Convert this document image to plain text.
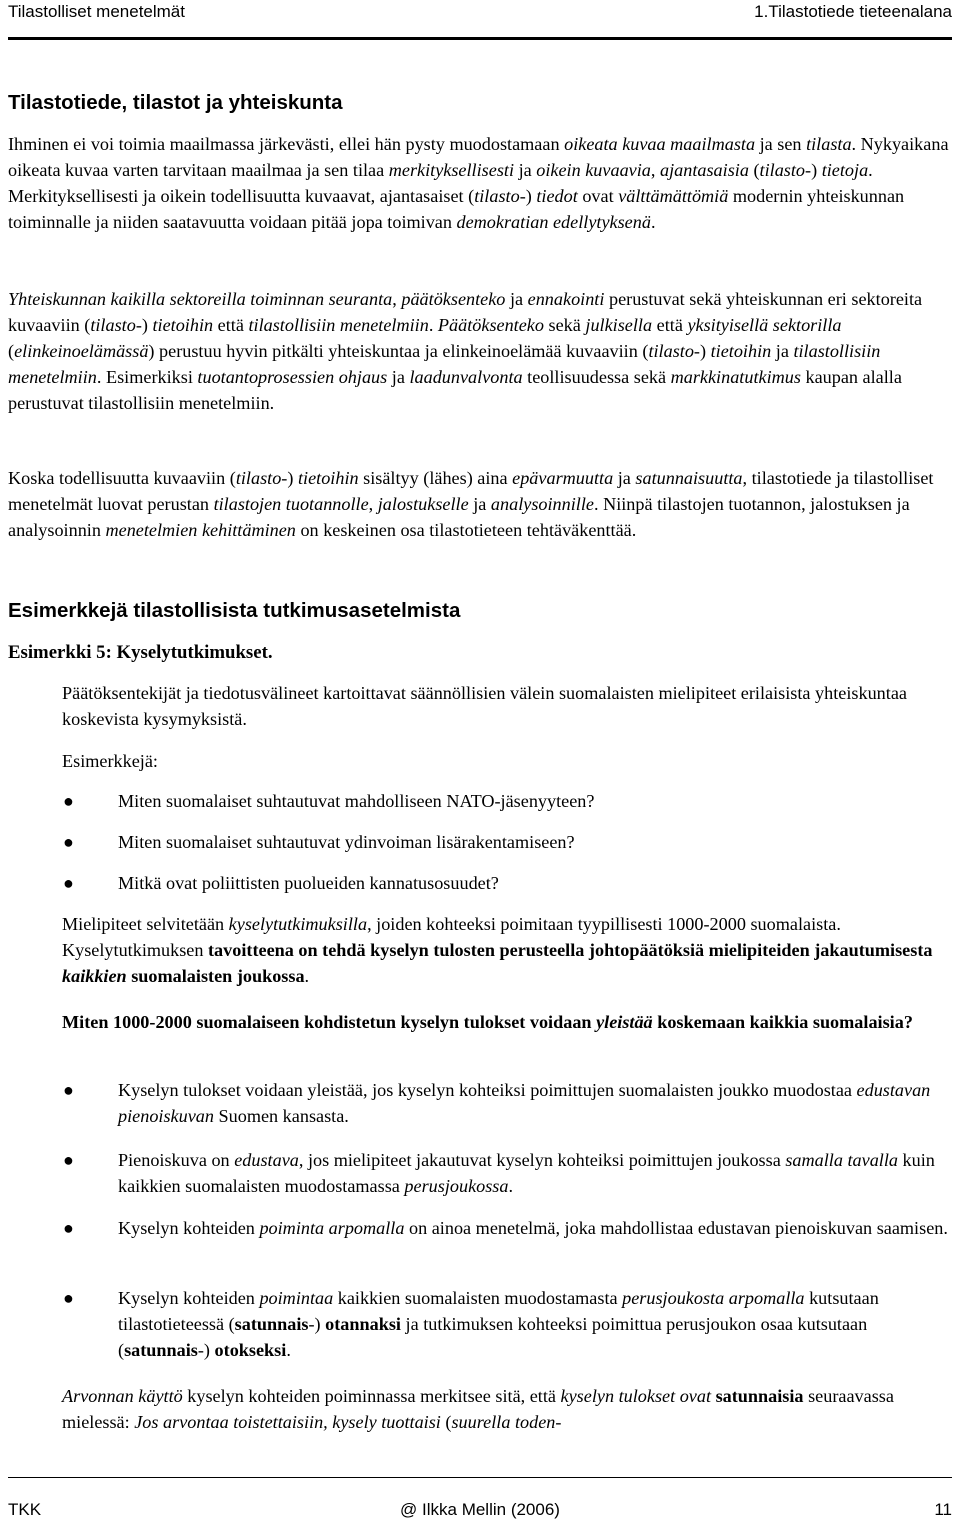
Tilastolliset menetelmät	1.Tilastotiede tieteenalana
Tilastotiede, tilastot ja yhteiskunta

Ihminen ei voi toimia maailmassa järkevästi, ellei hän pysty muodostamaan oikeata kuvaa maailmasta ja sen tilasta. Nykyaikana oikeata kuvaa varten tarvitaan maailmaa ja sen tilaa merkityksellisesti ja oikein kuvaavia, ajantasaisia (tilasto-) tietoja. Merkityksellisesti ja oikein todellisuutta kuvaavat, ajantasaiset (tilasto-) tiedot ovat välttämättömiä modernin yhteiskunnan toiminnalle ja niiden saatavuutta voidaan pitää jopa toimivan demokratian edellytyksenä.

Yhteiskunnan kaikilla sektoreilla toiminnan seuranta, päätöksenteko ja ennakointi perustuvat sekä yhteiskunnan eri sektoreita kuvaaviin (tilasto-) tietoihin että tilastollisiin menetelmiin. Päätöksenteko sekä julkisella että yksityisellä sektorilla (elinkeinoelämässä) perustuu hyvin pitkälti yhteiskuntaa ja elinkeinoelämää kuvaaviin (tilasto-) tietoihin ja tilastollisiin menetelmiin. Esimerkiksi tuotantoprosessien ohjaus ja laadunvalvonta teollisuudessa sekä markkinatutkimus kaupan alalla perustuvat tilastollisiin menetelmiin.

Koska todellisuutta kuvaaviin (tilasto-) tietoihin sisältyy (lähes) aina epävarmuutta ja satunnaisuutta, tilastotiede ja tilastolliset menetelmät luovat perustan tilastojen tuotannolle, jalostukselle ja analysoinnille. Niinpä tilastojen tuotannon, jalostuksen ja analysoinnin menetelmien kehittäminen on keskeinen osa tilastotieteen tehtäväkenttää.

Esimerkkejä tilastollisista tutkimusasetelmista
Esimerkki 5: Kyselytutkimukset.

Päätöksentekijät ja tiedotusvälineet kartoittavat säännöllisien välein suomalaisten mielipiteet erilaisista yhteiskuntaa koskevista kysymyksistä.

Esimerkkejä:

● Miten suomalaiset suhtautuvat mahdolliseen NATO-jäsenyyteen?

● Miten suomalaiset suhtautuvat ydinvoiman lisärakentamiseen?

● Mitkä ovat poliittisten puolueiden kannatusosuudet?

Mielipiteet selvitetään kyselytutkimuksilla, joiden kohteeksi poimitaan tyypillisesti 1000-2000 suomalaista. Kyselytutkimuksen tavoitteena on tehdä kyselyn tulosten perusteella johtopäätöksiä mielipiteiden jakautumisesta kaikkien suomalaisten joukossa.

Miten 1000-2000 suomalaiseen kohdistetun kyselyn tulokset voidaan yleistää koskemaan kaikkia suomalaisia?

● Kyselyn tulokset voidaan yleistää, jos kyselyn kohteiksi poimittujen suomalaisten joukko muodostaa edustavan pienoiskuvan Suomen kansasta.

● Pienoiskuva on edustava, jos mielipiteet jakautuvat kyselyn kohteiksi poimittujen joukossa samalla tavalla kuin kaikkien suomalaisten muodostamassa perusjoukossa.

● Kyselyn kohteiden poiminta arpomalla on ainoa menetelmä, joka mahdollistaa edustavan pienoiskuvan saamisen.

● Kyselyn kohteiden poimintaa kaikkien suomalaisten muodostamasta perusjoukosta arpomalla kutsutaan tilastotieteessä (satunnais-) otannaksi ja tutkimuksen kohteeksi poimittua perusjoukon osaa kutsutaan (satunnais-) otokseksi.

Arvonnan käyttö kyselyn kohteiden poiminnassa merkitsee sitä, että kyselyn tulokset ovat satunnaisia seuraavassa mielessä: Jos arvontaa toistettaisiin, kysely tuottaisi (suurella toden-

TKK	@ Ilkka Mellin (2006)	11
